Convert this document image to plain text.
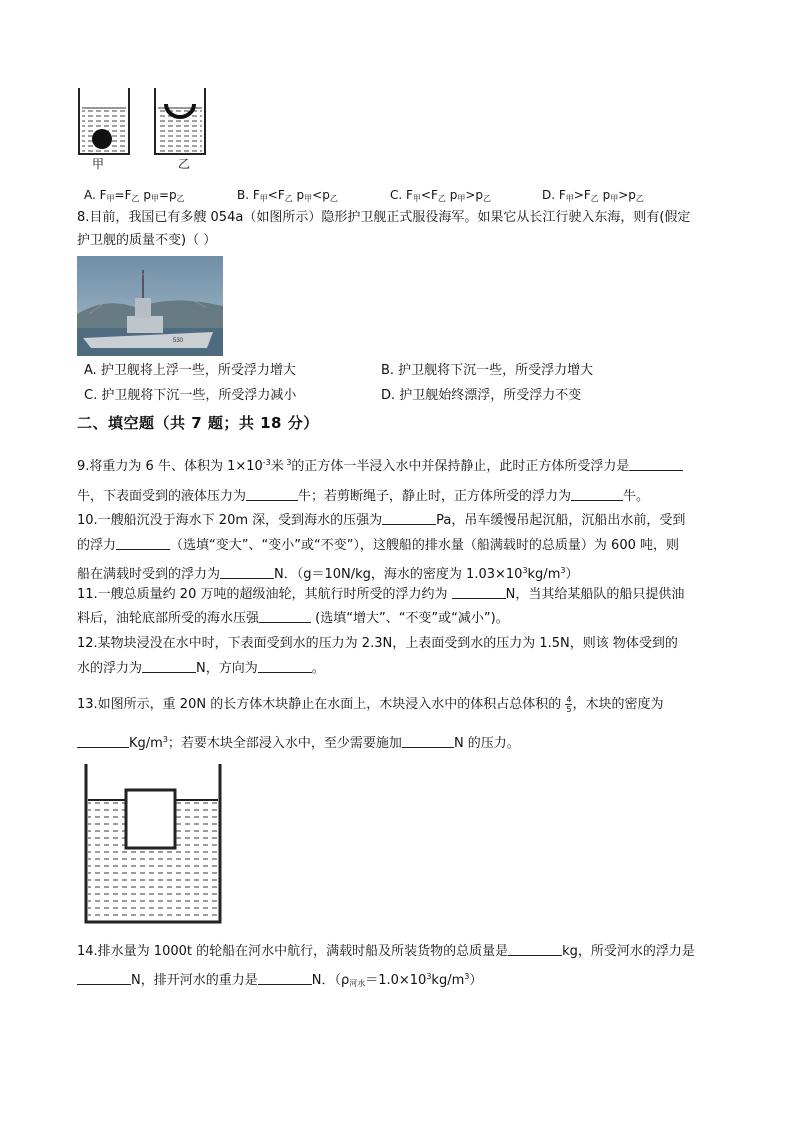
甲	乙
A. $F_甲=F_乙$ $p_甲=p_乙$	B. $F_甲<F_乙$ $p_甲<p_乙$	C. $F_甲<F_乙$ $p_甲>p_乙$	D. $F_甲>F_乙$ $p_甲>p_乙$
8.目前，我国已有多艘 054a（如图所示）隐形护卫舰正式服役海军。如果它从长江行驶入东海，则有(假定
护卫舰的质量不变)（ ）
530
A. 护卫舰将上浮一些，所受浮力增大	B. 护卫舰将下沉一些，所受浮力增大
C. 护卫舰将下沉一些，所受浮力减小	D. 护卫舰始终漂浮，所受浮力不变
二、填空题（共 7 题；共 18 分）
9.将重力为 6 牛、体积为 $1\times 10^{-3}$米 $^3$的正方体一半浸入水中并保持静止，此时正方体所受浮力是
牛，下表面受到的液体压力为	牛；若剪断绳子，静止时，正方体所受的浮力为	牛。
10.一艘船沉没于海水下 20m 深，受到海水的压强为	Pa，吊车缓慢吊起沉船，沉船出水前，受到
的浮力	（选填“变大”、“变小”或“不变”），这艘船的排水量（船满载时的总质量）为 600 吨，则
船在满载时受到的浮力为	N．（g＝10N/kg，海水的密度为 $1.03\times 10^3kg/m^3$）
11.一艘总质量约 20 万吨的超级油轮，其航行时所受的浮力约为	N，当其给某船队的船只提供油
料后，油轮底部所受的海水压强	(选填“增大”、“不变”或“减小”)。
12.某物块浸没在水中时，下表面受到水的压力为 2.3N，上表面受到水的压力为 1.5N，则该 物体受到的
水的浮力为	N，方向为	。
13.如图所示，重 20N 的长方体木块静止在水面上，木块浸入水中的体积占总体积的 $\frac{4}{5}$ ，木块的密度为
$Kg/m^3$；若要木块全部浸入水中，至少需要施加	N 的压力。
14.排水量为 1000t 的轮船在河水中航行，满载时船及所装货物的总质量是	kg，所受河水的浮力是
N，排开河水的重力是	N．$(\rho_{河水}=1.0\times 10^3kg/m^3)$
